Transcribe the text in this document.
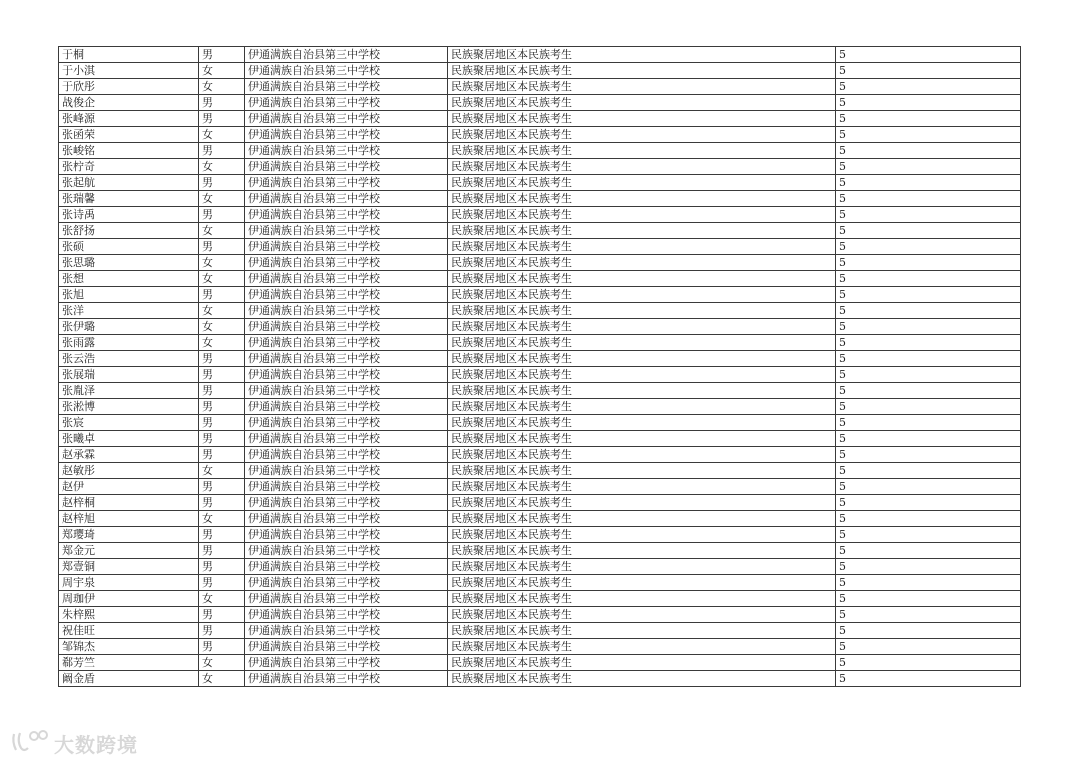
于桐	男	伊通满族自治县第三中学校	民族聚居地区本民族考生	5
于小淇	女	伊通满族自治县第三中学校	民族聚居地区本民族考生	5
于欣彤	女	伊通满族自治县第三中学校	民族聚居地区本民族考生	5
战俊企	男	伊通满族自治县第三中学校	民族聚居地区本民族考生	5
张峰源	男	伊通满族自治县第三中学校	民族聚居地区本民族考生	5
张函荣	女	伊通满族自治县第三中学校	民族聚居地区本民族考生	5
张峻铭	男	伊通满族自治县第三中学校	民族聚居地区本民族考生	5
张柠奇	女	伊通满族自治县第三中学校	民族聚居地区本民族考生	5
张起航	男	伊通满族自治县第三中学校	民族聚居地区本民族考生	5
张瑞馨	女	伊通满族自治县第三中学校	民族聚居地区本民族考生	5
张诗禹	男	伊通满族自治县第三中学校	民族聚居地区本民族考生	5
张舒扬	女	伊通满族自治县第三中学校	民族聚居地区本民族考生	5
张硕	男	伊通满族自治县第三中学校	民族聚居地区本民族考生	5
张思璐	女	伊通满族自治县第三中学校	民族聚居地区本民族考生	5
张想	女	伊通满族自治县第三中学校	民族聚居地区本民族考生	5
张旭	男	伊通满族自治县第三中学校	民族聚居地区本民族考生	5
张洋	女	伊通满族自治县第三中学校	民族聚居地区本民族考生	5
张伊璐	女	伊通满族自治县第三中学校	民族聚居地区本民族考生	5
张雨露	女	伊通满族自治县第三中学校	民族聚居地区本民族考生	5
张云浩	男	伊通满族自治县第三中学校	民族聚居地区本民族考生	5
张展瑞	男	伊通满族自治县第三中学校	民族聚居地区本民族考生	5
张胤泽	男	伊通满族自治县第三中学校	民族聚居地区本民族考生	5
张淞博	男	伊通满族自治县第三中学校	民族聚居地区本民族考生	5
张宸	男	伊通满族自治县第三中学校	民族聚居地区本民族考生	5
张曦卓	男	伊通满族自治县第三中学校	民族聚居地区本民族考生	5
赵承霖	男	伊通满族自治县第三中学校	民族聚居地区本民族考生	5
赵敏彤	女	伊通满族自治县第三中学校	民族聚居地区本民族考生	5
赵伊	男	伊通满族自治县第三中学校	民族聚居地区本民族考生	5
赵梓桐	男	伊通满族自治县第三中学校	民族聚居地区本民族考生	5
赵梓旭	女	伊通满族自治县第三中学校	民族聚居地区本民族考生	5
郑璎琦	男	伊通满族自治县第三中学校	民族聚居地区本民族考生	5
郑金元	男	伊通满族自治县第三中学校	民族聚居地区本民族考生	5
郑壹铜	男	伊通满族自治县第三中学校	民族聚居地区本民族考生	5
周宇泉	男	伊通满族自治县第三中学校	民族聚居地区本民族考生	5
周珈伊	女	伊通满族自治县第三中学校	民族聚居地区本民族考生	5
朱梓熙	男	伊通满族自治县第三中学校	民族聚居地区本民族考生	5
祝佳旺	男	伊通满族自治县第三中学校	民族聚居地区本民族考生	5
邹锦杰	男	伊通满族自治县第三中学校	民族聚居地区本民族考生	5
郗芳竺	女	伊通满族自治县第三中学校	民族聚居地区本民族考生	5
阚金盾	女	伊通满族自治县第三中学校	民族聚居地区本民族考生	5
大数跨境
